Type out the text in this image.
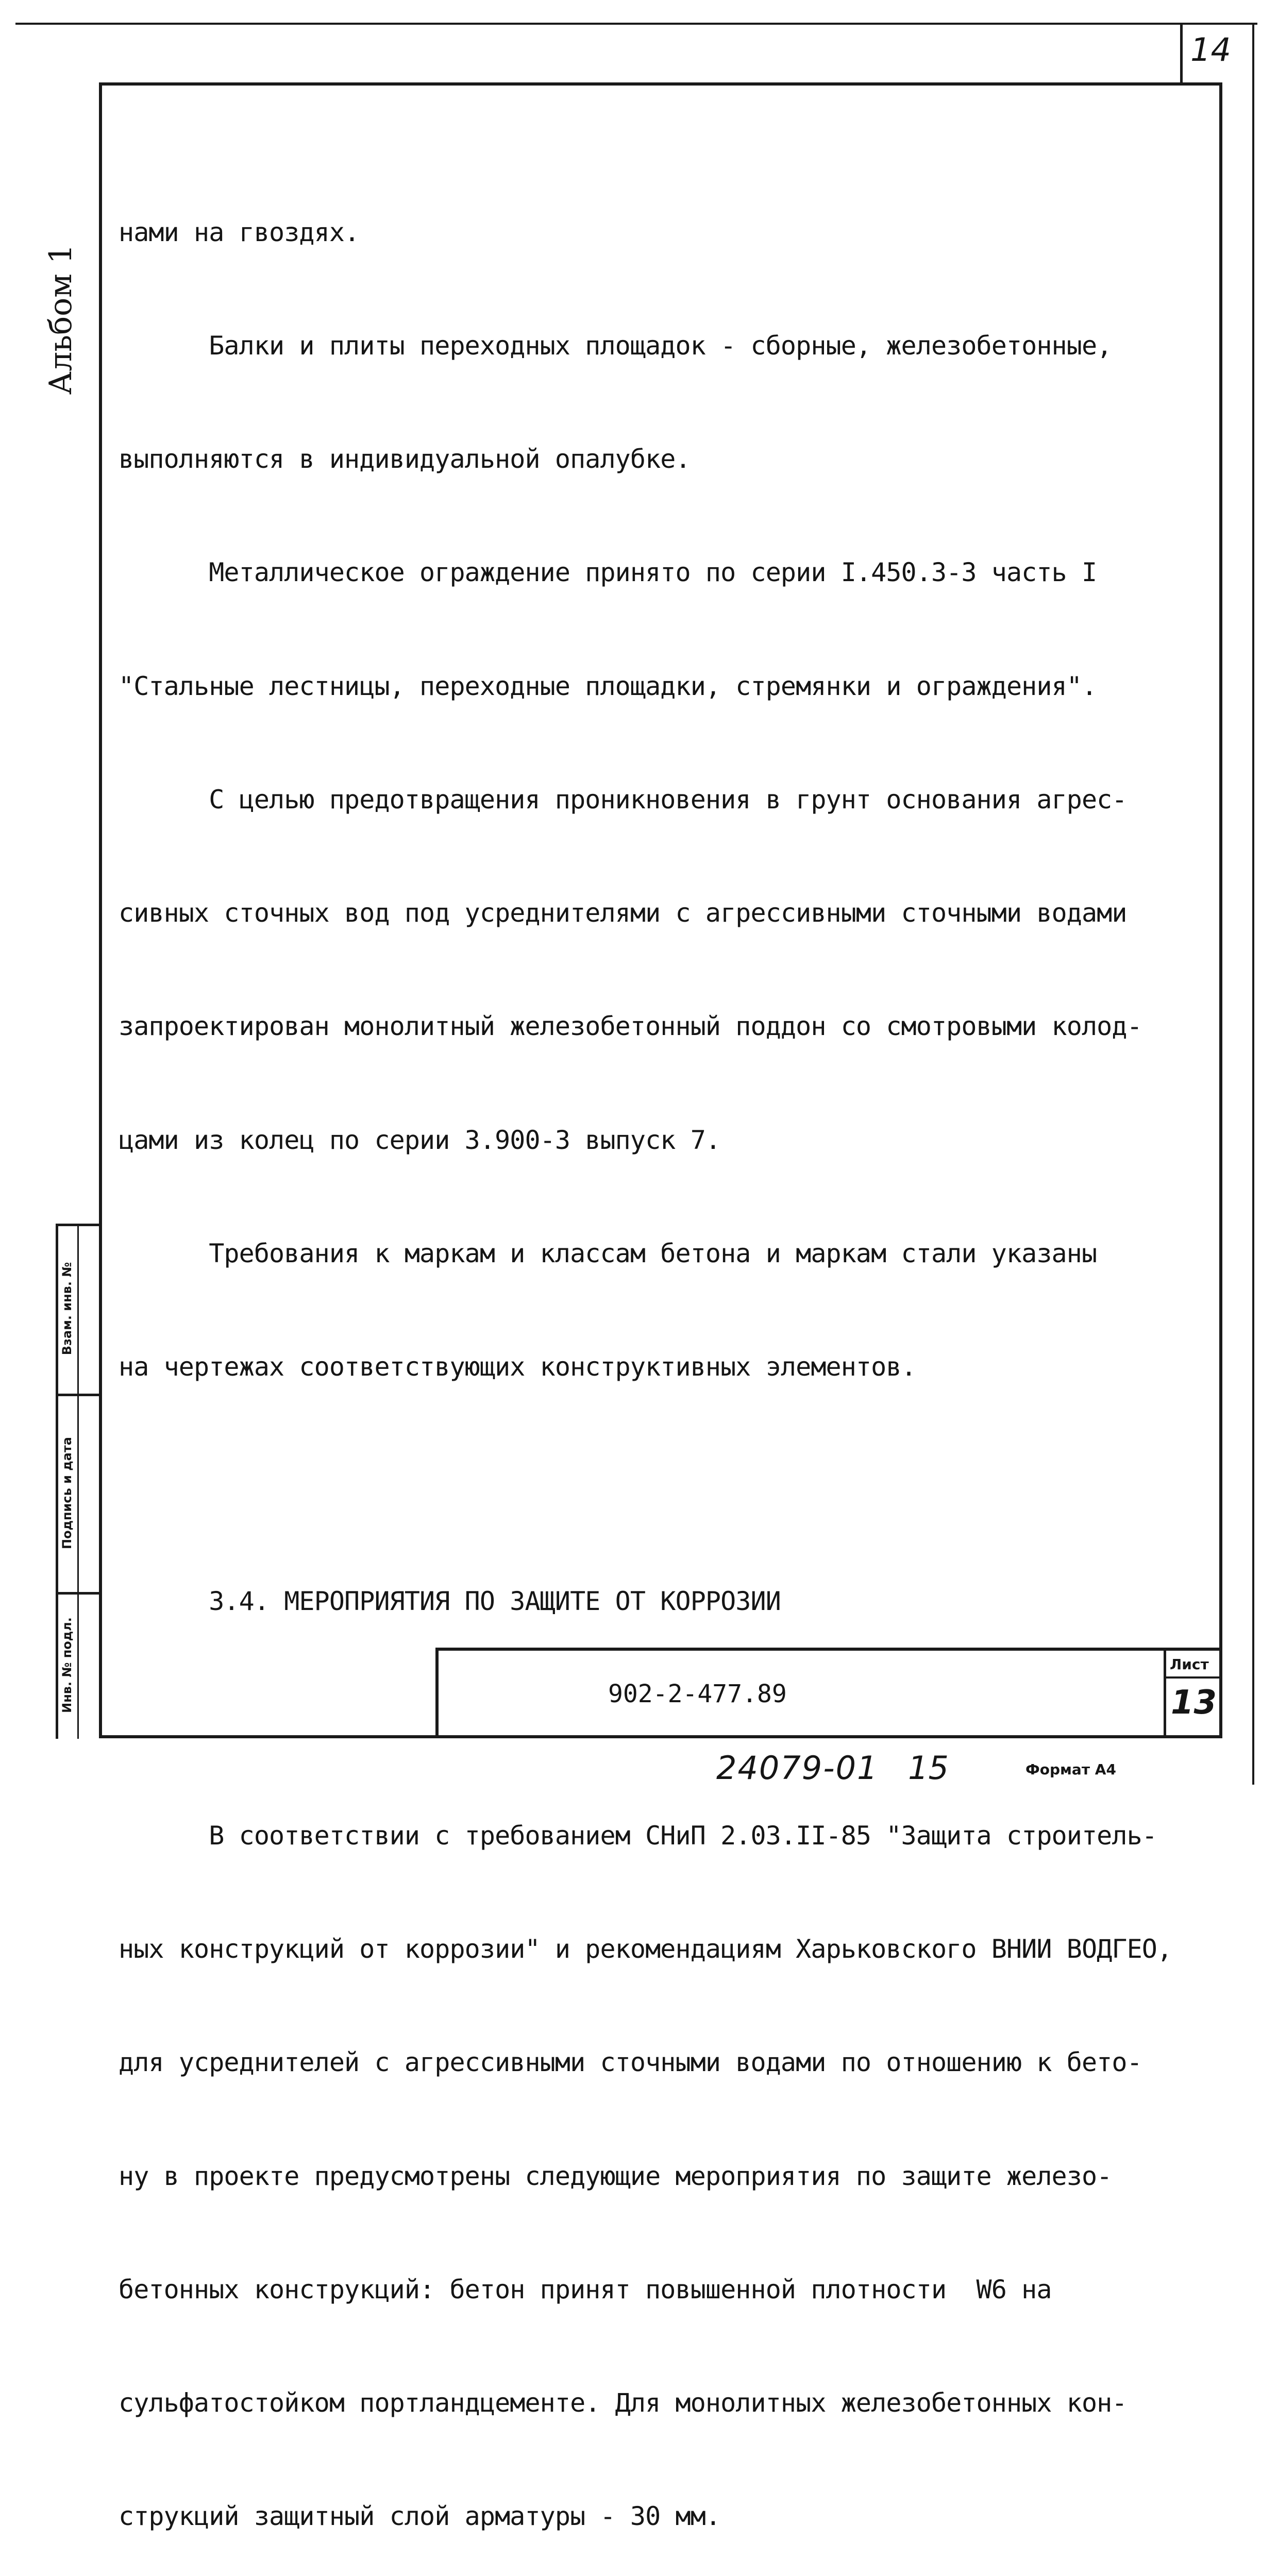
14
Альбом 1
Взам. инв. №
Подпись и дата
Инв. № подл.

нами на гвоздях.

Балки и плиты переходных площадок - сборные, железобетонные,

выполняются в индивидуальной опалубке.

Металлическое ограждение принято по серии I.450.3-3 часть I

"Стальные лестницы, переходные площадки, стремянки и ограждения".

С целью предотвращения проникновения в грунт основания агрес-

сивных сточных вод под усреднителями с агрессивными сточными водами

запроектирован монолитный железобетонный поддон со смотровыми колод-

цами из колец по серии 3.900-3 выпуск 7.

Требования к маркам и классам бетона и маркам стали указаны

на чертежах соответствующих конструктивных элементов.

3.4. МЕРОПРИЯТИЯ ПО ЗАЩИТЕ ОТ КОРРОЗИИ

В соответствии с требованием СНиП 2.03.II-85 "Защита строитель-

ных конструкций от коррозии" и рекомендациям Харьковского ВНИИ ВОДГЕО,

для усреднителей с агрессивными сточными водами по отношению к бето-

ну в проекте предусмотрены следующие мероприятия по защите железо-

бетонных конструкций: бетон принят повышенной плотности  W6 на

сульфатостойком портландцементе. Для монолитных железобетонных кон-

струкций защитный слой арматуры - 30 мм.

902-2-477.89
Лист
13
24079-01 15	Формат А4
